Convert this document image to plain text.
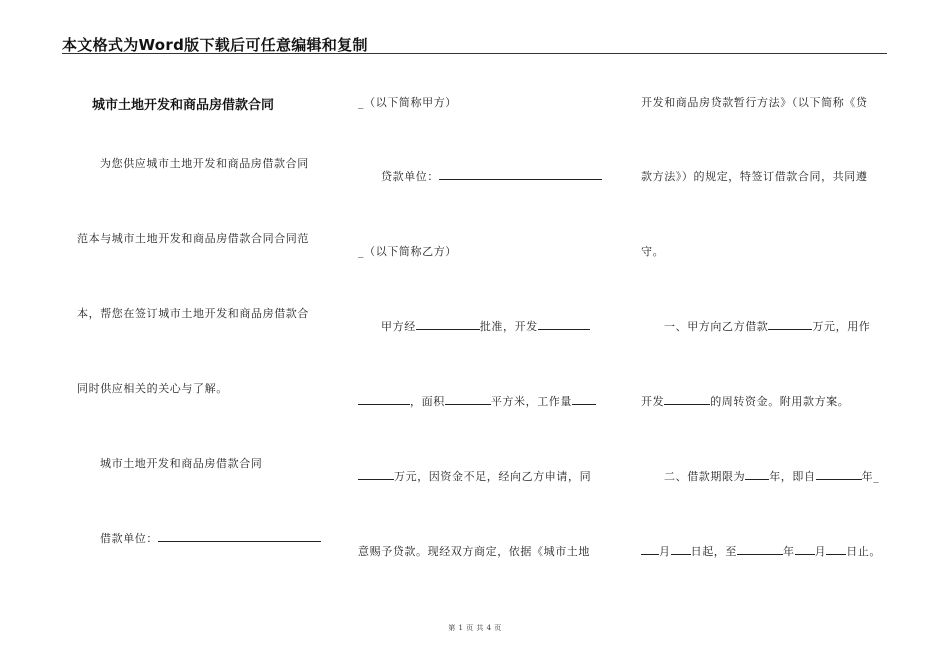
本文格式为Word版下载后可任意编辑和复制
城市土地开发和商品房借款合同
为您供应城市土地开发和商品房借款合同
范本与城市土地开发和商品房借款合同合同范
本，帮您在签订城市土地开发和商品房借款合
同时供应相关的关心与了解。
城市土地开发和商品房借款合同
借款单位：
_（以下简称甲方）
贷款单位：
_（以下简称乙方）
甲方经	批准，开发
，面积	平方米，工作量
万元，因资金不足，经向乙方申请，同
意赐予贷款。现经双方商定，依据《城市土地
开发和商品房贷款暂行方法》（以下简称《贷
款方法》）的规定，特签订借款合同，共同遵
守。
一、甲方向乙方借款	万元，用作
开发	的周转资金。附用款方案。
二、借款期限为 年，即自	年_
月 日起，至	年 月 日止。
第 1 页 共 4 页
